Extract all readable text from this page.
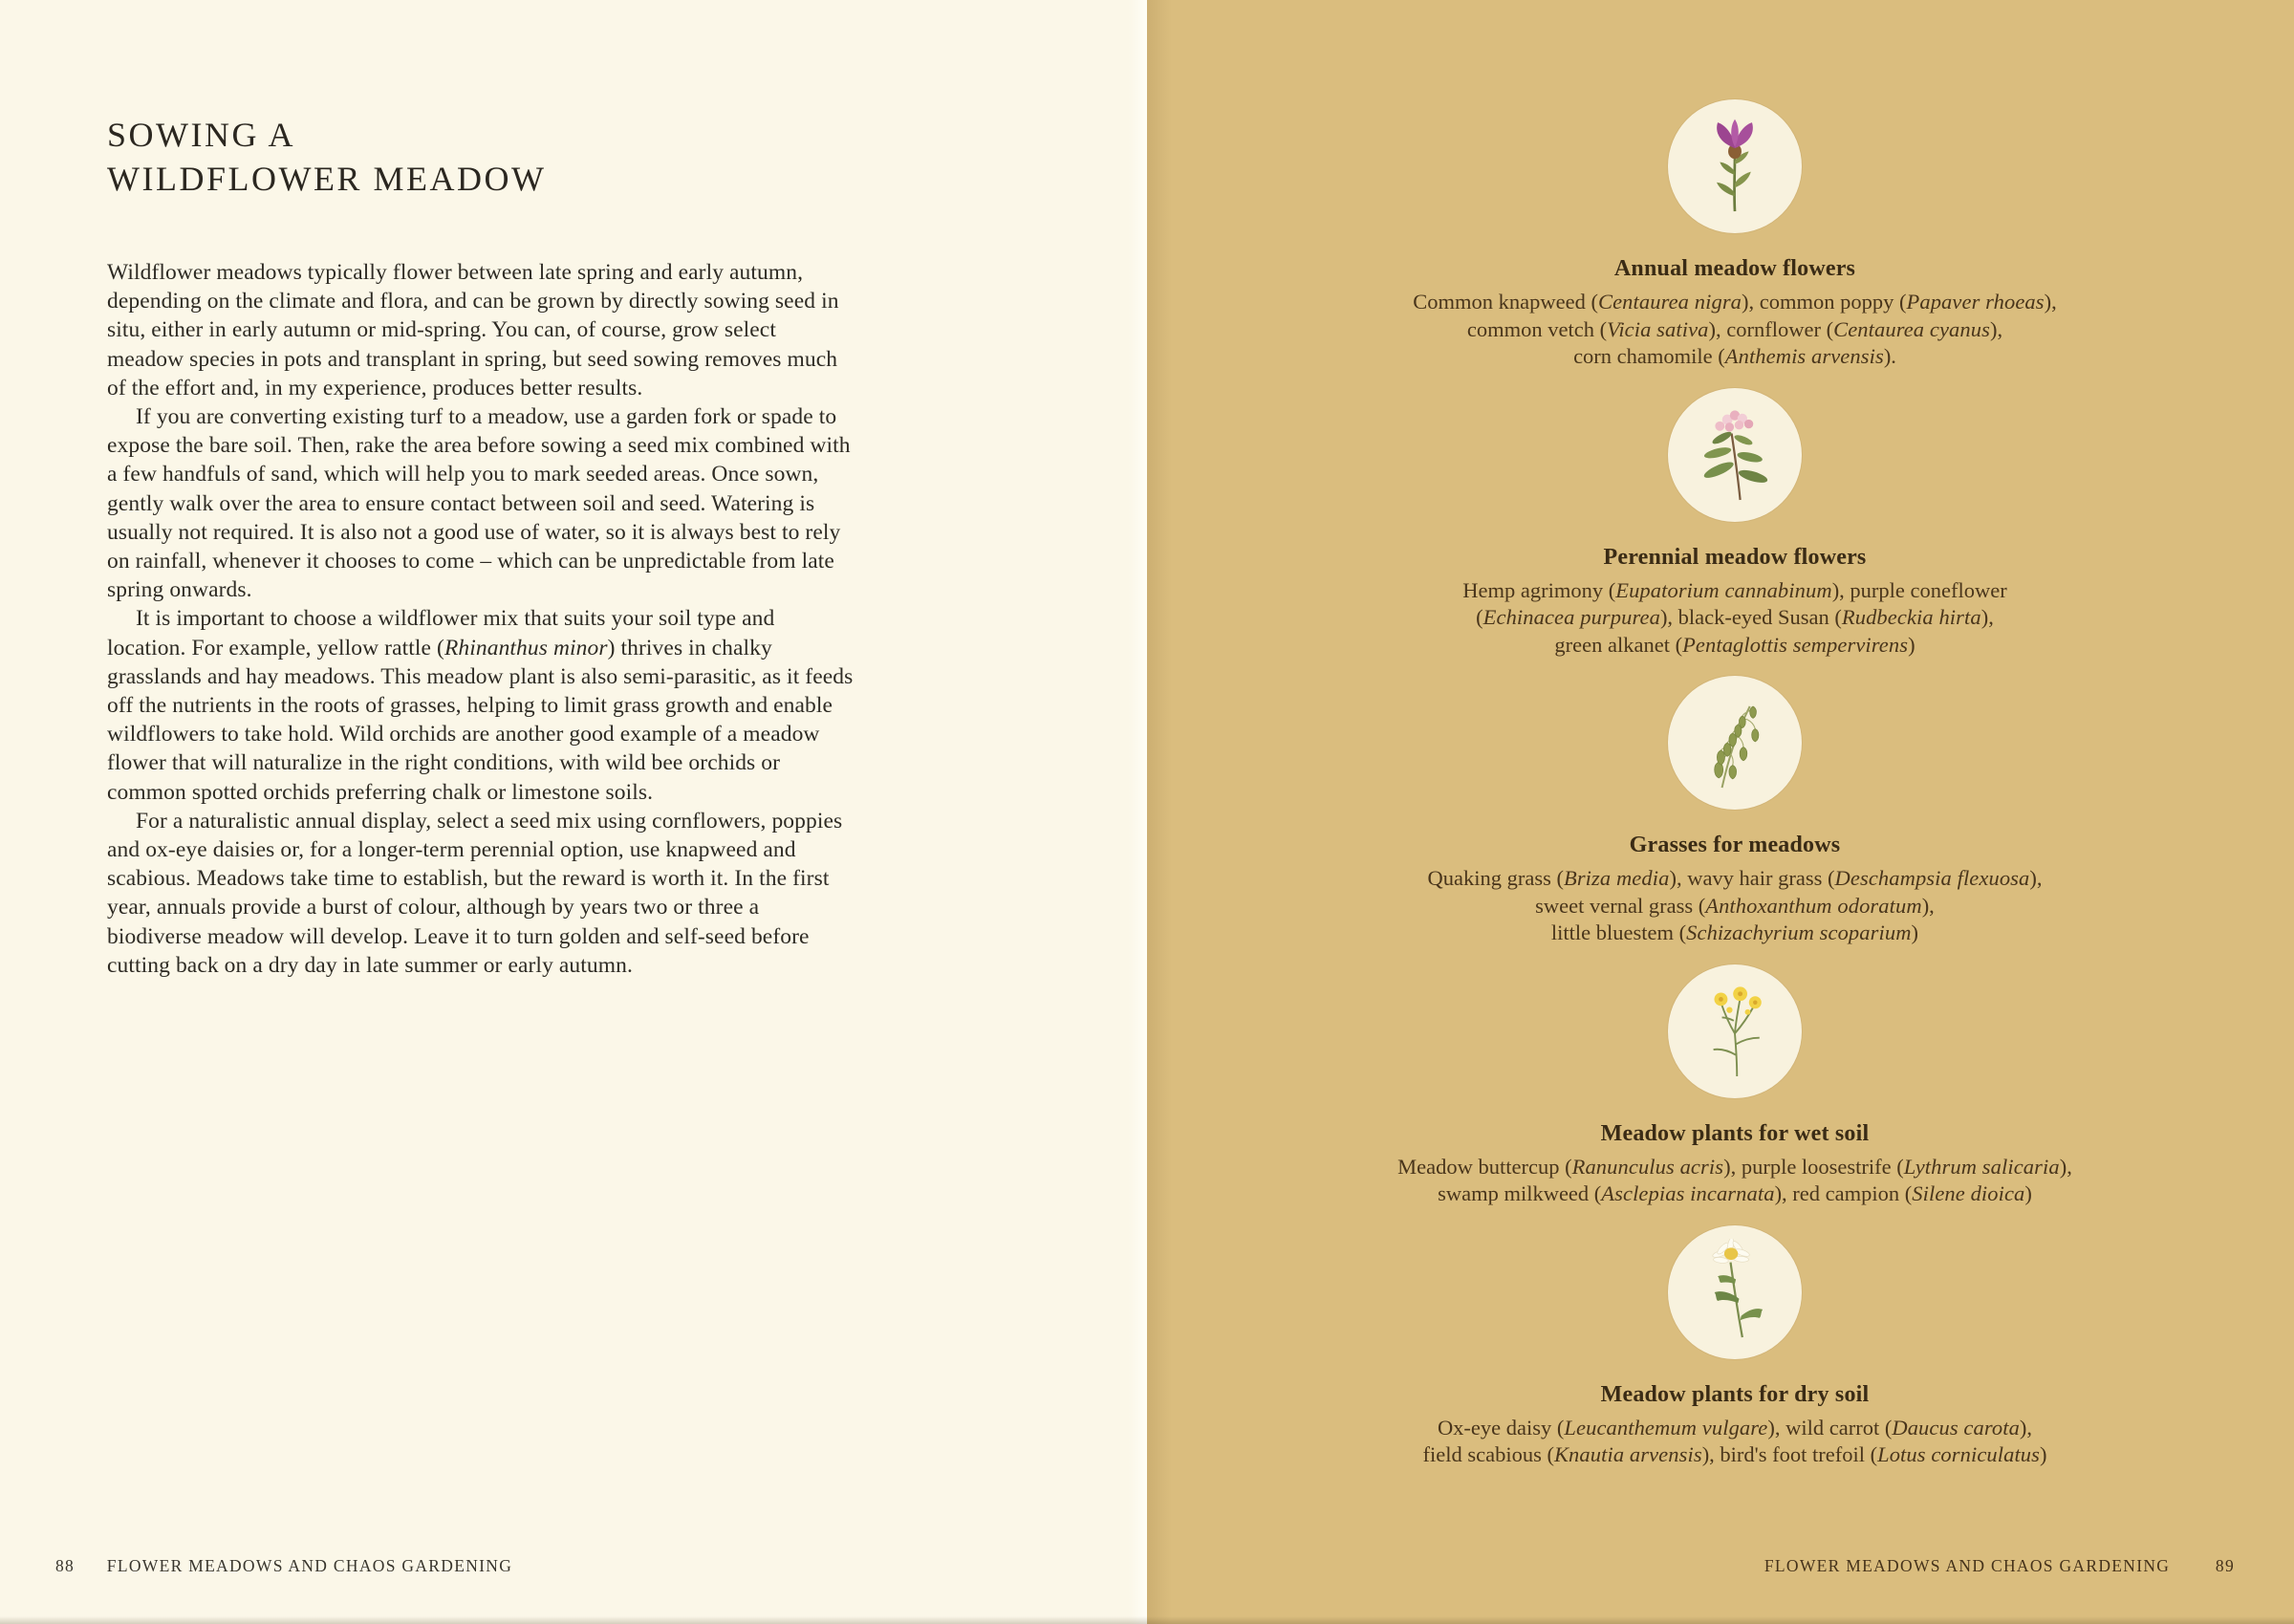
SOWING A
WILDFLOWER MEADOW

Wildflower meadows typically flower between late spring and early autumn, depending on the climate and flora, and can be grown by directly sowing seed in situ, either in early autumn or mid-spring. You can, of course, grow select meadow species in pots and transplant in spring, but seed sowing removes much of the effort and, in my experience, produces better results.

If you are converting existing turf to a meadow, use a garden fork or spade to expose the bare soil. Then, rake the area before sowing a seed mix combined with a few handfuls of sand, which will help you to mark seeded areas. Once sown, gently walk over the area to ensure contact between soil and seed. Watering is usually not required. It is also not a good use of water, so it is always best to rely on rainfall, whenever it chooses to come – which can be unpredictable from late spring onwards.

It is important to choose a wildflower mix that suits your soil type and location. For example, yellow rattle (Rhinanthus minor) thrives in chalky grasslands and hay meadows. This meadow plant is also semi-parasitic, as it feeds off the nutrients in the roots of grasses, helping to limit grass growth and enable wildflowers to take hold. Wild orchids are another good example of a meadow flower that will naturalize in the right conditions, with wild bee orchids or common spotted orchids preferring chalk or limestone soils.

For a naturalistic annual display, select a seed mix using cornflowers, poppies and ox-eye daisies or, for a longer-term perennial option, use knapweed and scabious. Meadows take time to establish, but the reward is worth it. In the first year, annuals provide a burst of colour, although by years two or three a biodiverse meadow will develop. Leave it to turn golden and self-seed before cutting back on a dry day in late summer or early autumn.

88 FLOWER MEADOWS AND CHAOS GARDENING
Annual meadow flowers
Common knapweed (Centaurea nigra), common poppy (Papaver rhoeas),
common vetch (Vicia sativa), cornflower (Centaurea cyanus),
corn chamomile (Anthemis arvensis).
Perennial meadow flowers
Hemp agrimony (Eupatorium cannabinum), purple coneflower
(Echinacea purpurea), black-eyed Susan (Rudbeckia hirta),
green alkanet (Pentaglottis sempervirens)
Grasses for meadows
Quaking grass (Briza media), wavy hair grass (Deschampsia flexuosa),
sweet vernal grass (Anthoxanthum odoratum),
little bluestem (Schizachyrium scoparium)
Meadow plants for wet soil
Meadow buttercup (Ranunculus acris), purple loosestrife (Lythrum salicaria),
swamp milkweed (Asclepias incarnata), red campion (Silene dioica)
Meadow plants for dry soil
Ox-eye daisy (Leucanthemum vulgare), wild carrot (Daucus carota),
field scabious (Knautia arvensis), bird's foot trefoil (Lotus corniculatus)
FLOWER MEADOWS AND CHAOS GARDENING	89
